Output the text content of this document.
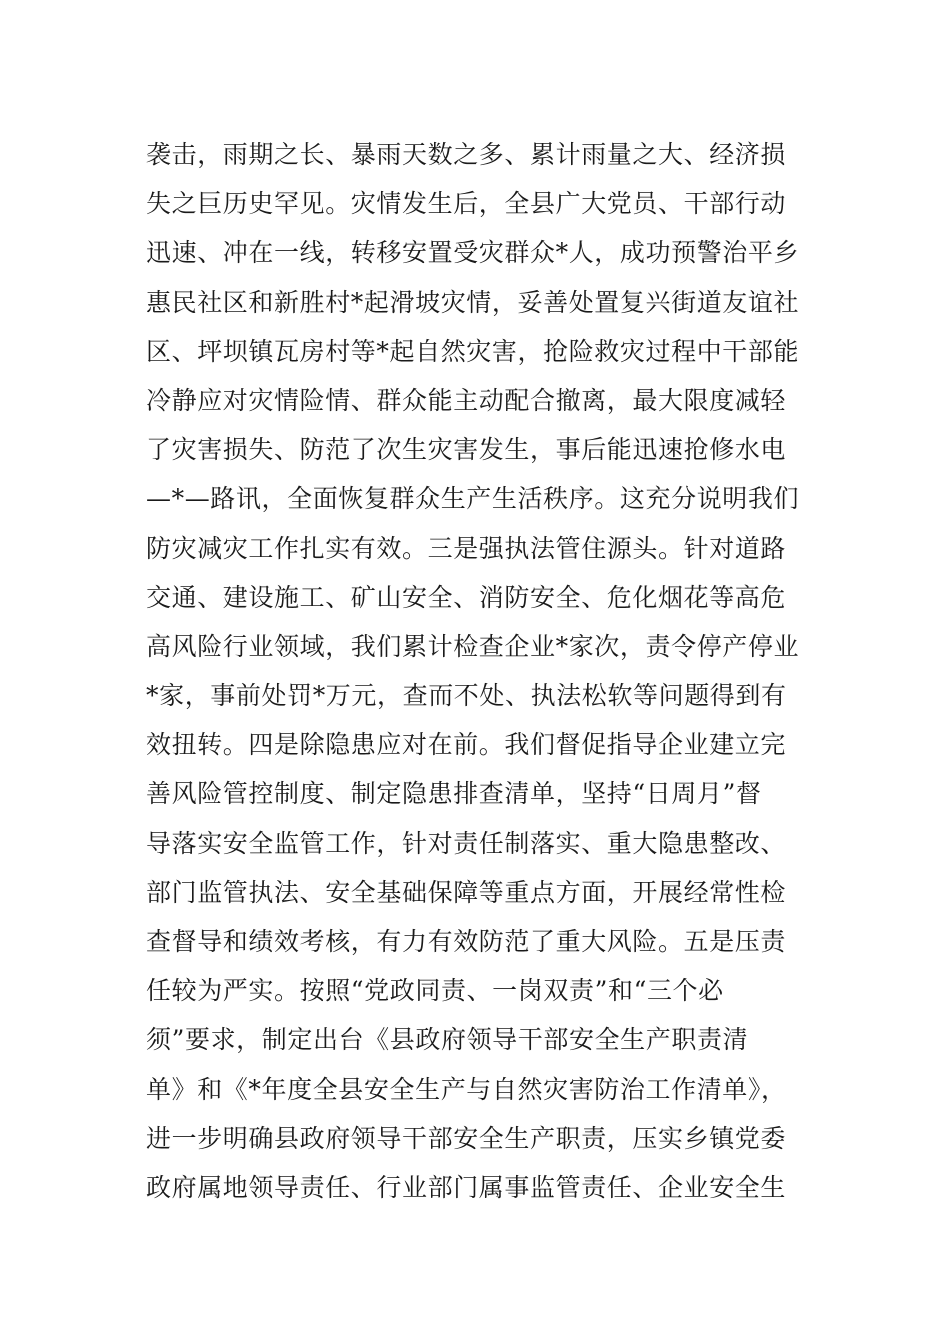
袭击，雨期之长、暴雨天数之多、累计雨量之大、经济损
失之巨历史罕见。灾情发生后，全县广大党员、干部行动
迅速、冲在一线，转移安置受灾群众*人，成功预警治平乡
惠民社区和新胜村*起滑坡灾情，妥善处置复兴街道友谊社
区、坪坝镇瓦房村等*起自然灾害，抢险救灾过程中干部能
冷静应对灾情险情、群众能主动配合撤离，最大限度减轻
了灾害损失、防范了次生灾害发生，事后能迅速抢修水电
—*—路讯，全面恢复群众生产生活秩序。这充分说明我们
防灾减灾工作扎实有效。三是强执法管住源头。针对道路
交通、建设施工、矿山安全、消防安全、危化烟花等高危
高风险行业领域，我们累计检查企业*家次，责令停产停业
*家，事前处罚*万元，查而不处、执法松软等问题得到有
效扭转。四是除隐患应对在前。我们督促指导企业建立完
善风险管控制度、制定隐患排查清单，坚持“日周月”督
导落实安全监管工作，针对责任制落实、重大隐患整改、
部门监管执法、安全基础保障等重点方面，开展经常性检
查督导和绩效考核，有力有效防范了重大风险。五是压责
任较为严实。按照“党政同责、一岗双责”和“三个必
须”要求，制定出台《县政府领导干部安全生产职责清
单》和《*年度全县安全生产与自然灾害防治工作清单》，
进一步明确县政府领导干部安全生产职责，压实乡镇党委
政府属地领导责任、行业部门属事监管责任、企业安全生
